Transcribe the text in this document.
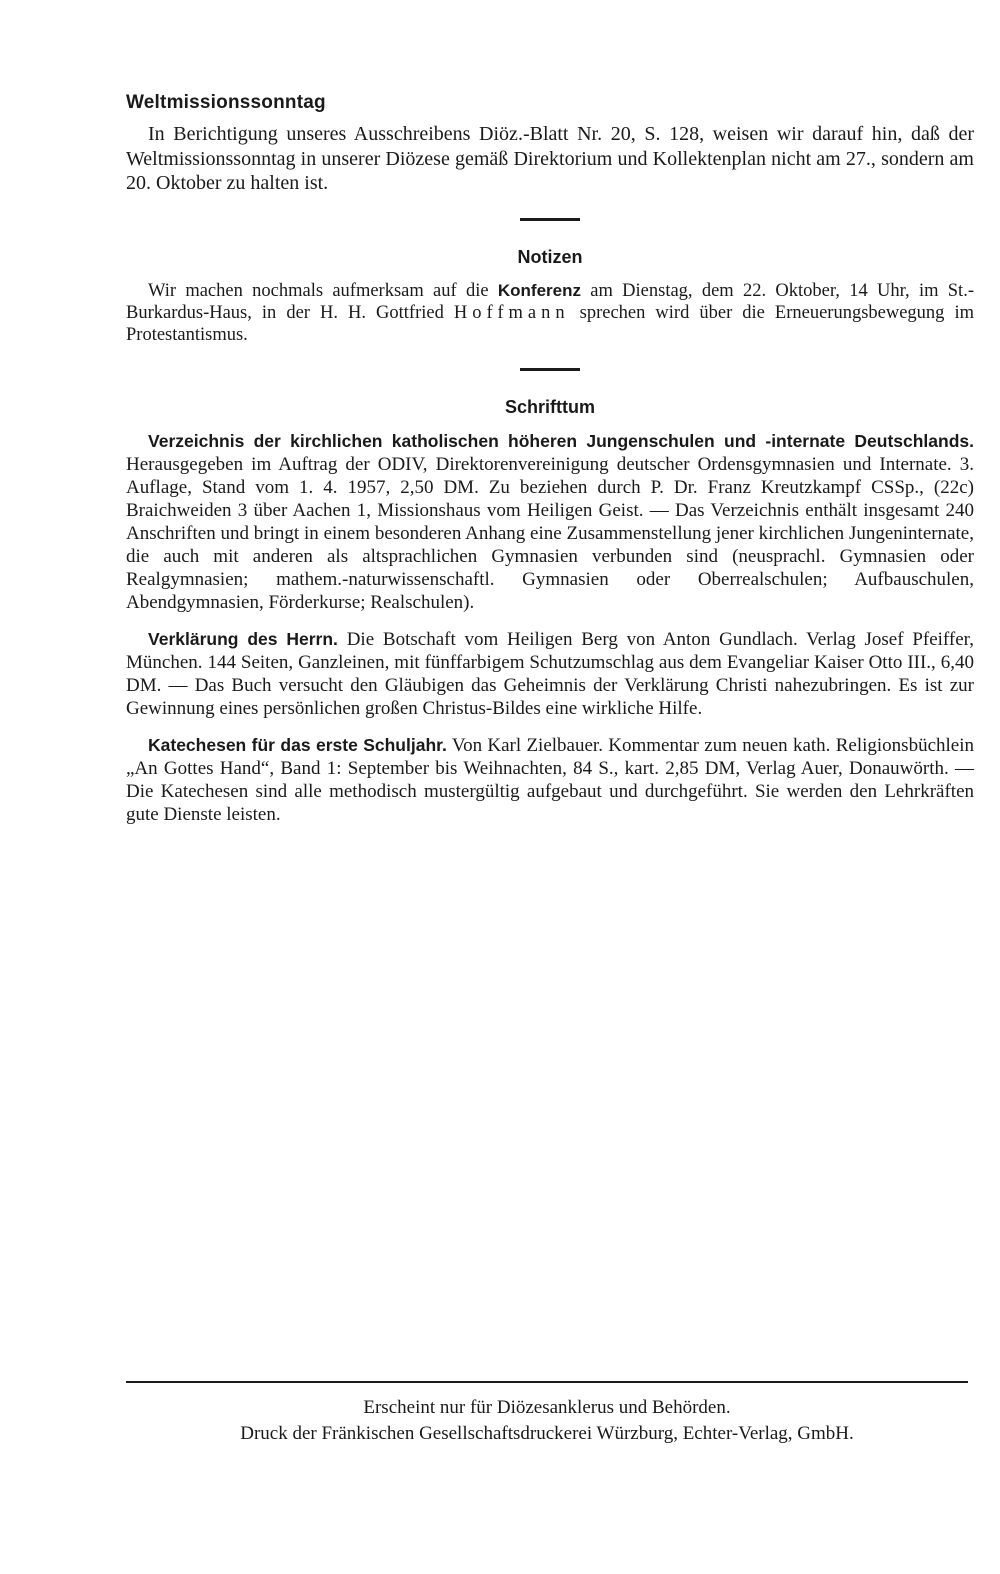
Weltmissionssonntag

In Berichtigung unseres Ausschreibens Diöz.-Blatt Nr. 20, S. 128, weisen wir darauf hin, daß der Weltmissionssonntag in unserer Diözese gemäß Direktorium und Kollektenplan nicht am 27., sondern am 20. Oktober zu halten ist.

Notizen

Wir machen nochmals aufmerksam auf die Konferenz am Dienstag, dem 22. Oktober, 14 Uhr, im St.-Burkardus-Haus, in der H. H. Gottfried Hoffmann sprechen wird über die Erneuerungsbewegung im Protestantismus.

Schrifttum

Verzeichnis der kirchlichen katholischen höheren Jungenschulen und -internate Deutschlands. Herausgegeben im Auftrag der ODIV, Direktorenvereinigung deutscher Ordensgymnasien und Internate. 3. Auflage, Stand vom 1. 4. 1957, 2,50 DM. Zu beziehen durch P. Dr. Franz Kreutzkampf CSSp., (22c) Braichweiden 3 über Aachen 1, Missionshaus vom Heiligen Geist. — Das Verzeichnis enthält insgesamt 240 Anschriften und bringt in einem besonderen Anhang eine Zusammenstellung jener kirchlichen Jungeninternate, die auch mit anderen als altsprachlichen Gymnasien verbunden sind (neusprachl. Gymnasien oder Realgymnasien; mathem.-naturwissenschaftl. Gymnasien oder Oberrealschulen; Aufbauschulen, Abendgymnasien, Förderkurse; Realschulen).

Verklärung des Herrn. Die Botschaft vom Heiligen Berg von Anton Gundlach. Verlag Josef Pfeiffer, München. 144 Seiten, Ganzleinen, mit fünffarbigem Schutzumschlag aus dem Evangeliar Kaiser Otto III., 6,40 DM. — Das Buch versucht den Gläubigen das Geheimnis der Verklärung Christi nahezubringen. Es ist zur Gewinnung eines persönlichen großen Christus-Bildes eine wirkliche Hilfe.

Katechesen für das erste Schuljahr. Von Karl Zielbauer. Kommentar zum neuen kath. Religionsbüchlein „An Gottes Hand“, Band 1: September bis Weihnachten, 84 S., kart. 2,85 DM, Verlag Auer, Donauwörth. — Die Katechesen sind alle methodisch mustergültig aufgebaut und durchgeführt. Sie werden den Lehrkräften gute Dienste leisten.

Erscheint nur für Diözesanklerus und Behörden.
Druck der Fränkischen Gesellschaftsdruckerei Würzburg, Echter-Verlag, GmbH.
